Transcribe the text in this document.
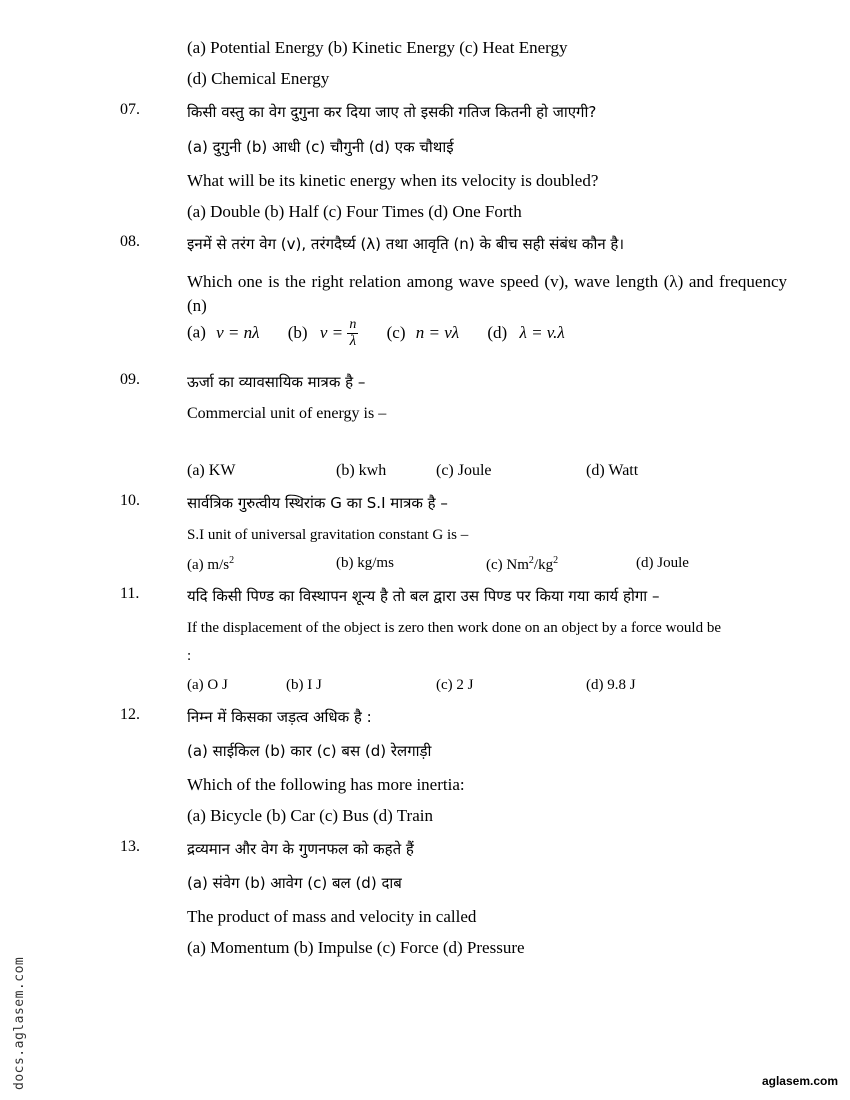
(a) Potential Energy (b) Kinetic Energy (c) Heat Energy
(d) Chemical Energy
07.	किसी वस्तु का वेग दुगुना कर दिया जाए तो इसकी गतिज कितनी हो जाएगी?
(a) दुगुनी (b) आधी (c) चौगुनी (d) एक चौथाई
What will be its kinetic energy when its velocity is doubled?
(a) Double (b) Half (c) Four Times (d) One Forth
08.	इनमें से तरंग वेग (v), तरंगदैर्घ्य (λ) तथा आवृति (n) के बीच सही संबंध कौन है।
Which one is the right relation among wave speed (v), wave length (λ) and frequency (n)
(a) v = nλ (b) $v = \frac{n}{\lambda} (c) n = v\lambda$ (d) λ = v.λ
09.	ऊर्जा का व्यावसायिक मात्रक है –
Commercial unit of energy is –
(a) KW	(b) kwh	(c) Joule	(d) Watt
10.	सार्वत्रिक गुरुत्वीय स्थिरांक G का S.I मात्रक है –
S.I unit of universal gravitation constant G is –
(a) $m/s^2$	(b) kg/ms	(c) $Nm^2/kg^2$	(d) Joule
11.	यदि किसी पिण्ड का विस्थापन शून्य है तो बल द्वारा उस पिण्ड पर किया गया कार्य होगा –
If the displacement of the object is zero then work done on an object by a force would be
:
(a) O J	(b) I J	(c) 2 J	(d) 9.8 J
12.	निम्न में किसका जड़त्व अधिक है :
(a) साईकिल (b) कार (c) बस (d) रेलगाड़ी
Which of the following has more inertia:
(a) Bicycle (b) Car (c) Bus (d) Train
13.	द्रव्यमान और वेग के गुणनफल को कहते हैं
(a) संवेग (b) आवेग (c) बल (d) दाब
The product of mass and velocity in called
(a) Momentum (b) Impulse (c) Force (d) Pressure
docs.aglasem.com	aglasem.com
